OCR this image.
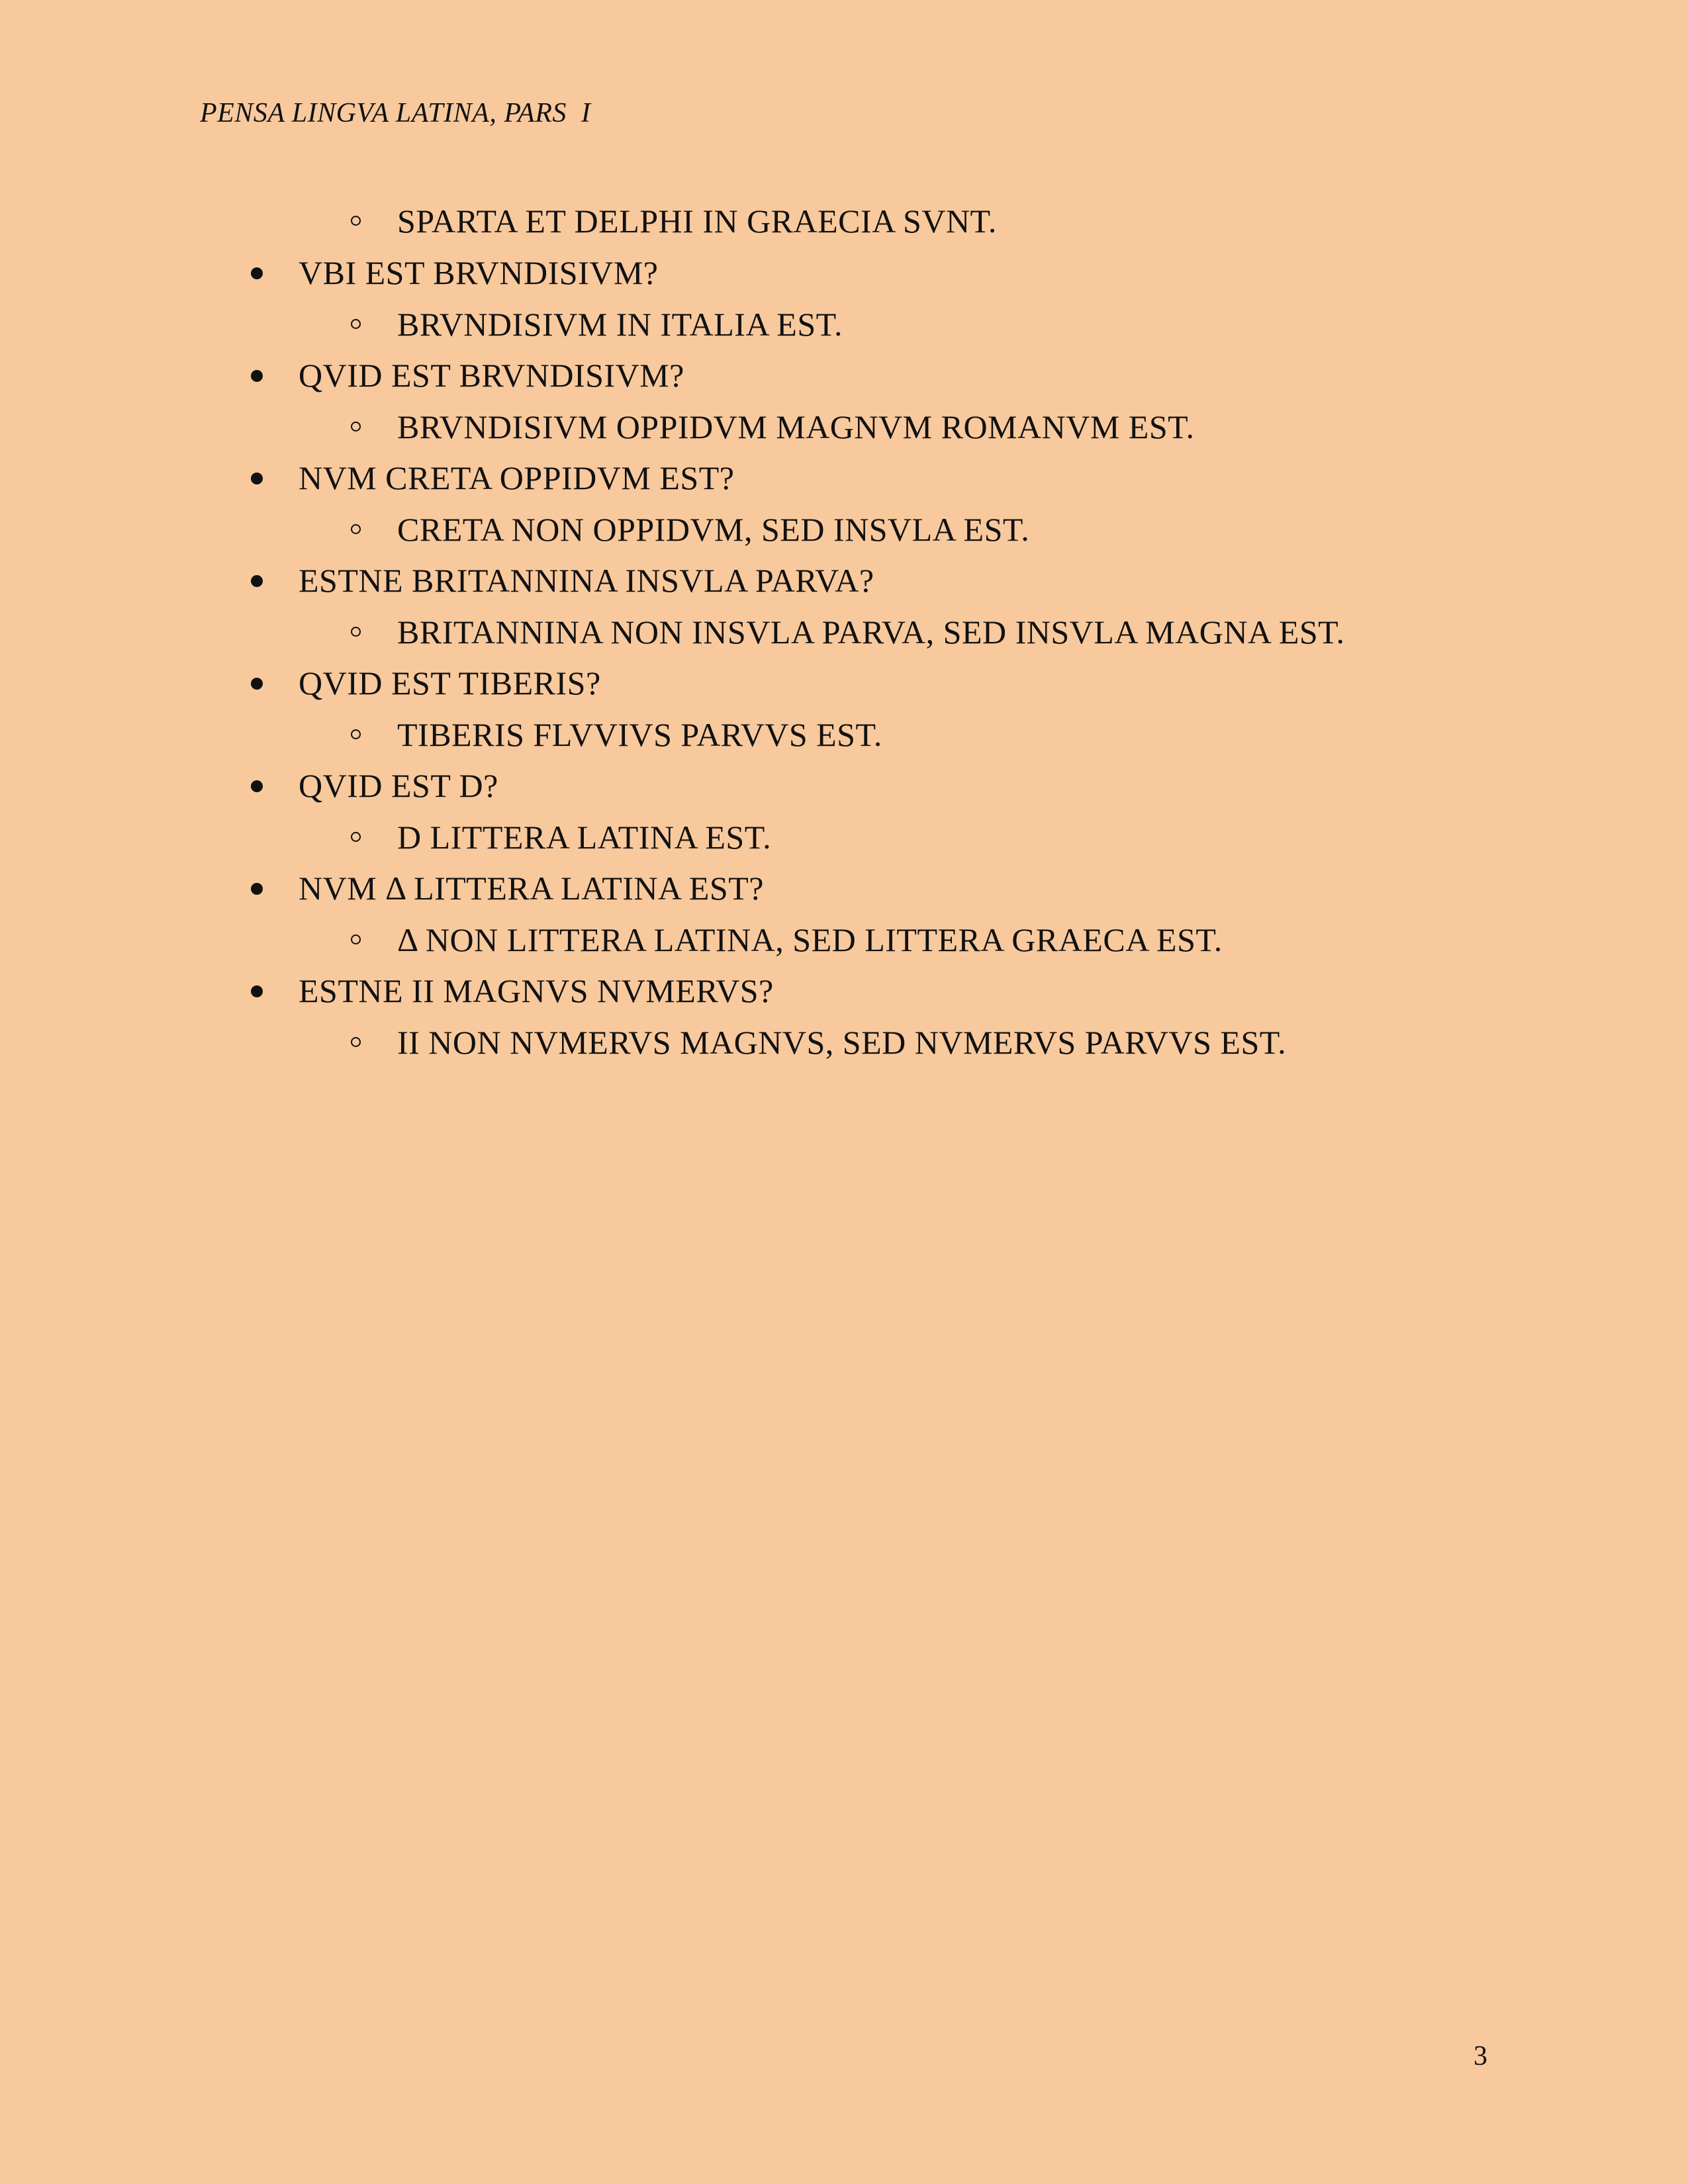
PENSA LINGVA LATINA, PARS  I
SPARTA ET DELPHI IN GRAECIA SVNT.
VBI EST BRVNDISIVM?
BRVNDISIVM IN ITALIA EST.
QVID EST BRVNDISIVM?
BRVNDISIVM OPPIDVM MAGNVM ROMANVM EST.
NVM CRETA OPPIDVM EST?
CRETA NON OPPIDVM, SED INSVLA EST.
ESTNE BRITANNINA INSVLA PARVA?
BRITANNINA NON INSVLA PARVA, SED INSVLA MAGNA EST.
QVID EST TIBERIS?
TIBERIS FLVVIVS PARVVS EST.
QVID EST D?
D LITTERA LATINA EST.
NVM Δ LITTERA LATINA EST?
Δ NON LITTERA LATINA, SED LITTERA GRAECA EST.
ESTNE II MAGNVS NVMERVS?
II NON NVMERVS MAGNVS, SED NVMERVS PARVVS EST.
3
